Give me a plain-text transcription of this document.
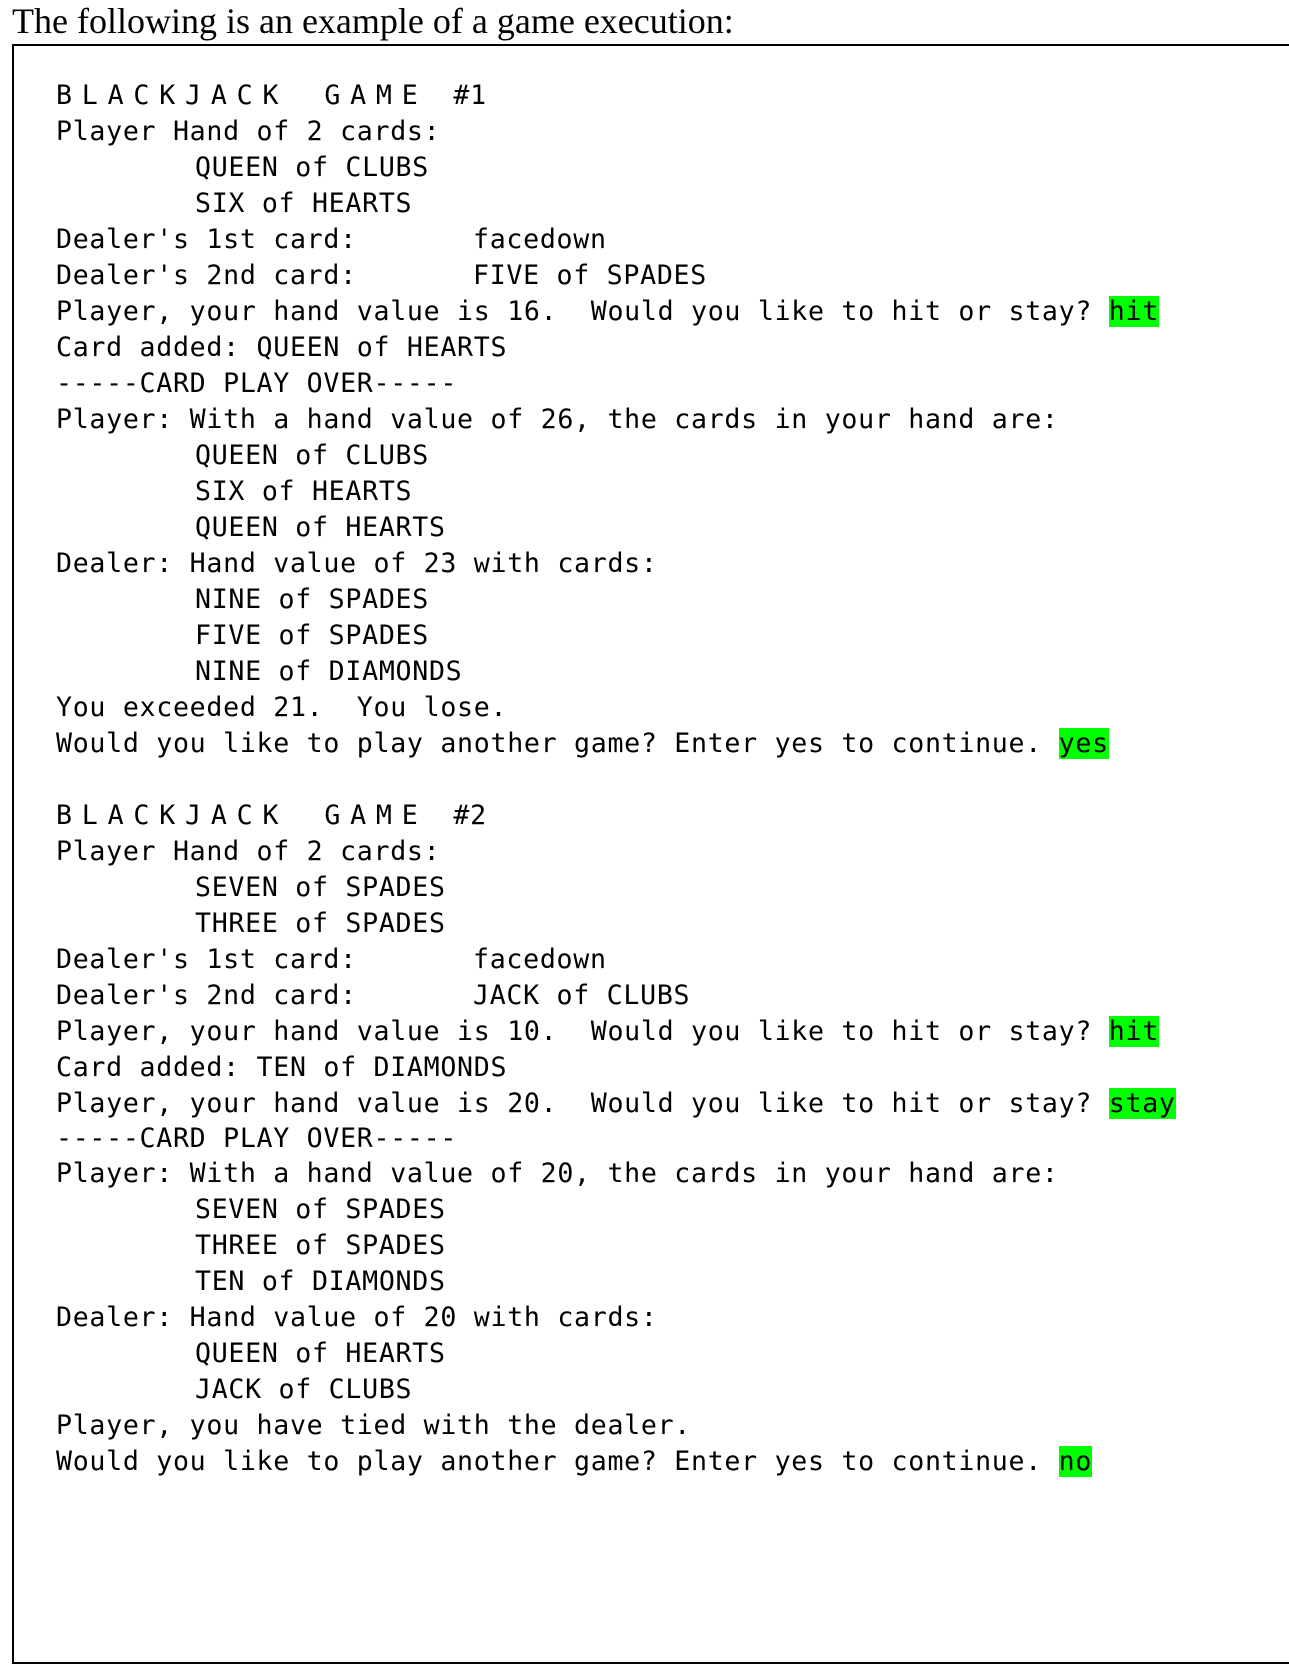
The following is an example of a game execution:
BLACKJACK GAME #1
Player Hand of 2 cards:
QUEEN of CLUBS
SIX of HEARTS
Dealer's 1st card:	facedown
Dealer's 2nd card:	FIVE of SPADES
Player, your hand value is 16.  Would you like to hit or stay? hit
Card added: QUEEN of HEARTS
-----CARD PLAY OVER-----
Player: With a hand value of 26, the cards in your hand are:
QUEEN of CLUBS
SIX of HEARTS
QUEEN of HEARTS
Dealer: Hand value of 23 with cards:
NINE of SPADES
FIVE of SPADES
NINE of DIAMONDS
You exceeded 21.  You lose.
Would you like to play another game? Enter yes to continue. yes
BLACKJACK GAME #2
Player Hand of 2 cards:
SEVEN of SPADES
THREE of SPADES
Dealer's 1st card:	facedown
Dealer's 2nd card:	JACK of CLUBS
Player, your hand value is 10.  Would you like to hit or stay? hit
Card added: TEN of DIAMONDS
Player, your hand value is 20.  Would you like to hit or stay? stay
-----CARD PLAY OVER-----
Player: With a hand value of 20, the cards in your hand are:
SEVEN of SPADES
THREE of SPADES
TEN of DIAMONDS
Dealer: Hand value of 20 with cards:
QUEEN of HEARTS
JACK of CLUBS
Player, you have tied with the dealer.
Would you like to play another game? Enter yes to continue. no
